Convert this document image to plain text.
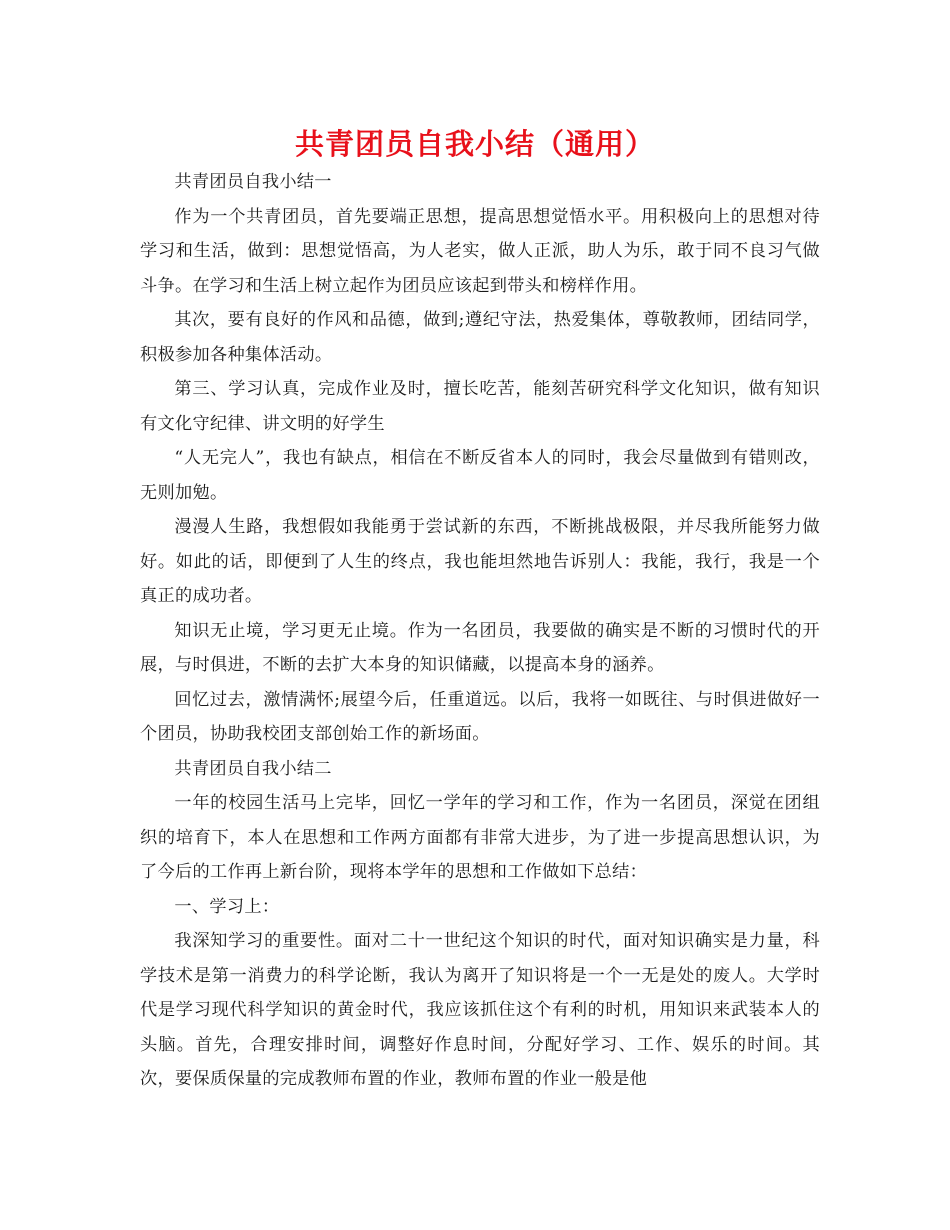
共青团员自我小结（通用）

共青团员自我小结一

作为一个共青团员，首先要端正思想，提高思想觉悟水平。用积极向上的思想对待学习和生活，做到：思想觉悟高，为人老实，做人正派，助人为乐，敢于同不良习气做斗争。在学习和生活上树立起作为团员应该起到带头和榜样作用。

其次，要有良好的作风和品德，做到;遵纪守法，热爱集体，尊敬教师，团结同学，积极参加各种集体活动。

第三、学习认真，完成作业及时，擅长吃苦，能刻苦研究科学文化知识，做有知识有文化守纪律、讲文明的好学生

“人无完人”，我也有缺点，相信在不断反省本人的同时，我会尽量做到有错则改，无则加勉。

漫漫人生路，我想假如我能勇于尝试新的东西，不断挑战极限，并尽我所能努力做好。如此的话，即便到了人生的终点，我也能坦然地告诉别人：我能，我行，我是一个真正的成功者。

知识无止境，学习更无止境。作为一名团员，我要做的确实是不断的习惯时代的开展，与时俱进，不断的去扩大本身的知识储藏，以提高本身的涵养。

回忆过去，激情满怀;展望今后，任重道远。以后，我将一如既往、与时俱进做好一个团员，协助我校团支部创始工作的新场面。

共青团员自我小结二

一年的校园生活马上完毕，回忆一学年的学习和工作，作为一名团员，深觉在团组织的培育下，本人在思想和工作两方面都有非常大进步，为了进一步提高思想认识，为了今后的工作再上新台阶，现将本学年的思想和工作做如下总结：

一、学习上：

我深知学习的重要性。面对二十一世纪这个知识的时代，面对知识确实是力量，科学技术是第一消费力的科学论断，我认为离开了知识将是一个一无是处的废人。大学时代是学习现代科学知识的黄金时代，我应该抓住这个有利的时机，用知识来武装本人的头脑。首先，合理安排时间，调整好作息时间，分配好学习、工作、娱乐的时间。其次，要保质保量的完成教师布置的作业，教师布置的作业一般是他
